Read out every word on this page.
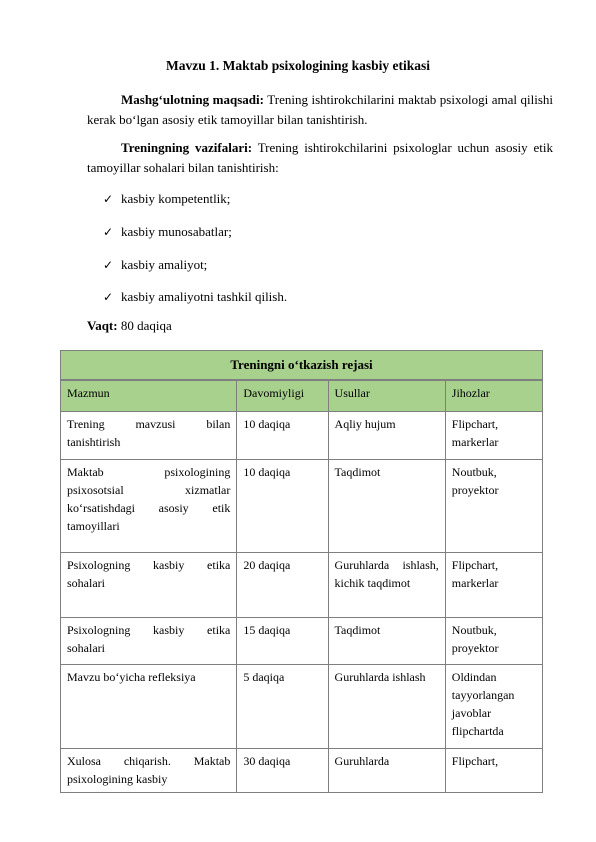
Mavzu 1. Maktab psixologining kasbiy etikasi
Mashg‘ulotning maqsadi: Trening ishtirokchilarini maktab psixologi amal qilishi kerak bo‘lgan asosiy etik tamoyillar bilan tanishtirish.
Treningning vazifalari: Trening ishtirokchilarini psixologlar uchun asosiy etik tamoyillar sohalari bilan tanishtirish:
✓ kasbiy kompetentlik;
✓ kasbiy munosabatlar;
✓ kasbiy amaliyot;
✓ kasbiy amaliyotni tashkil qilish.
Vaqt: 80 daqiqa
Treningni o‘tkazish rejasi
Mazmun	Davomiyligi	Usullar	Jihozlar
Trening mavzusi bilan tanishtirish	10 daqiqa	Aqliy hujum	Flipchart, markerlar
Maktab psixologining psixosotsial xizmatlar ko‘rsatishdagi asosiy etik tamoyillari	10 daqiqa	Taqdimot	Noutbuk, proyektor
Psixologning kasbiy etika sohalari	20 daqiqa	Guruhlarda ishlash, kichik taqdimot	Flipchart, markerlar
Psixologning kasbiy etika sohalari	15 daqiqa	Taqdimot	Noutbuk, proyektor
Mavzu bo‘yicha refleksiya	5 daqiqa	Guruhlarda ishlash	Oldindan tayyorlangan javoblar flipchartda
Xulosa chiqarish. Maktab psixologining kasbiy	30 daqiqa	Guruhlarda	Flipchart,
